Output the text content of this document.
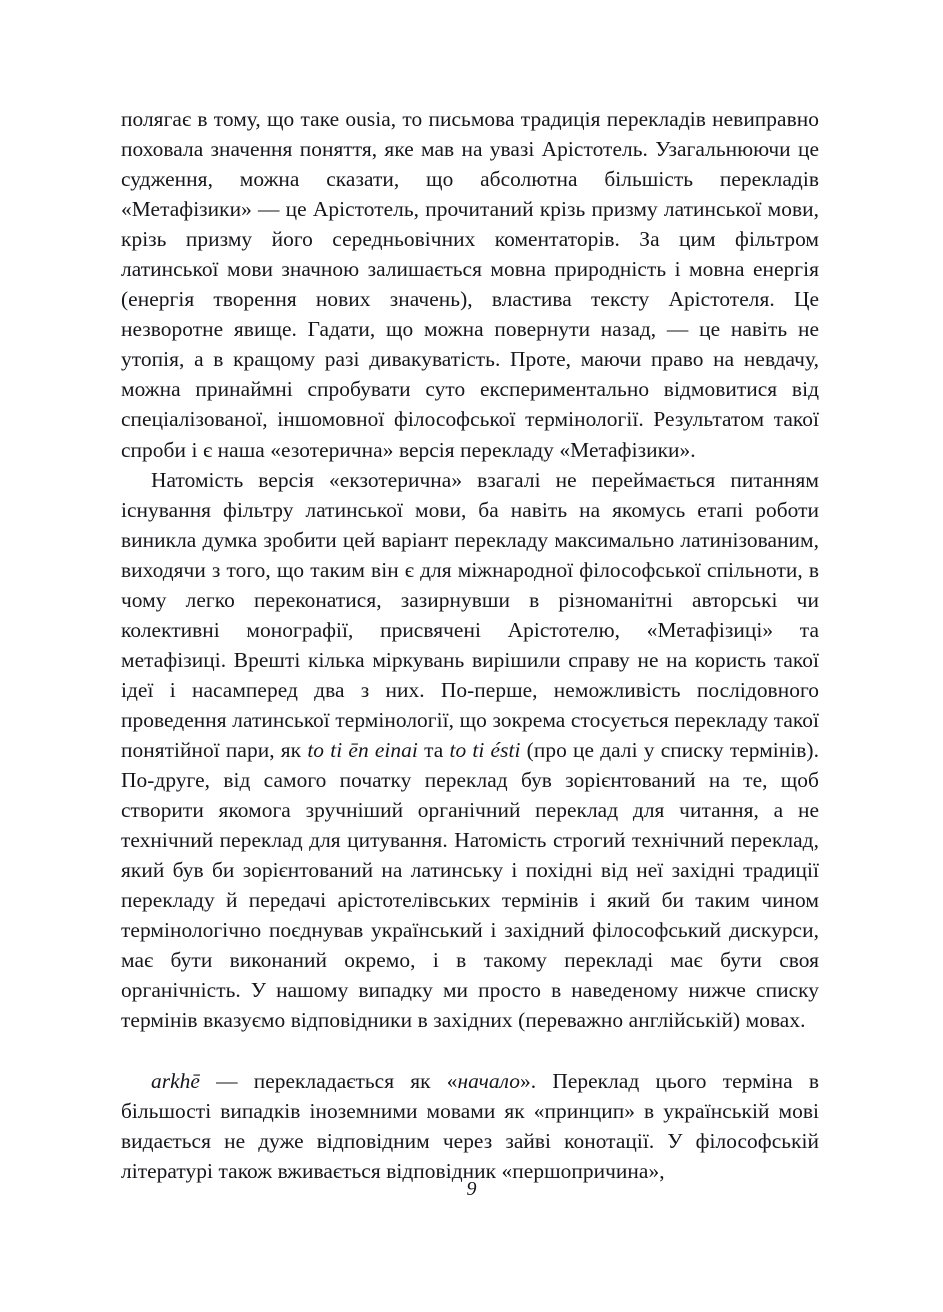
полягає в тому, що таке ousia, то письмова традиція перекладів невиправно поховала значення поняття, яке мав на увазі Арістотель. Узагальнюючи це судження, можна сказати, що абсолютна більшість перекладів «Метафізики» — це Арістотель, прочитаний крізь призму латинської мови, крізь призму його середньовічних коментаторів. За цим фільтром латинської мови значною залишається мовна природність і мовна енергія (енергія творення нових значень), властива тексту Арістотеля. Це незворотне явище. Гадати, що можна повернути назад, — це навіть не утопія, а в кращому разі дивакуватість. Проте, маючи право на невдачу, можна принаймні спробувати суто експериментально відмовитися від спеціалізованої, іншомовної філософської термінології. Результатом такої спроби і є наша «езотерична» версія перекладу «Метафізики».

Натомість версія «екзотерична» взагалі не переймається питанням існування фільтру латинської мови, ба навіть на якомусь етапі роботи виникла думка зробити цей варіант перекладу максимально латинізованим, виходячи з того, що таким він є для міжнародної філософської спільноти, в чому легко переконатися, зазирнувши в різноманітні авторські чи колективні монографії, присвячені Арістотелю, «Метафізиці» та метафізиці. Врешті кілька міркувань вирішили справу не на користь такої ідеї і насамперед два з них. По-перше, неможливість послідовного проведення латинської термінології, що зокрема стосується перекладу такої понятійної пари, як to ti ēn einai та to ti ésti (про це далі у списку термінів). По-друге, від самого початку переклад був зорієнтований на те, щоб створити якомога зручніший органічний переклад для читання, а не технічний переклад для цитування. Натомість строгий технічний переклад, який був би зорієнтований на латинську і похідні від неї західні традиції перекладу й передачі арістотелівських термінів і який би таким чином термінологічно поєднував український і західний філософський дискурси, має бути виконаний окремо, і в такому перекладі має бути своя органічність. У нашому випадку ми просто в наведеному нижче списку термінів вказуємо відповідники в західних (переважно англійській) мовах.

arkhē — перекладається як «начало». Переклад цього терміна в більшості випадків іноземними мовами як «принцип» в українській мові видається не дуже відповідним через зайві конотації. У філософській літературі також вживається відповідник «першопричина»,

9
